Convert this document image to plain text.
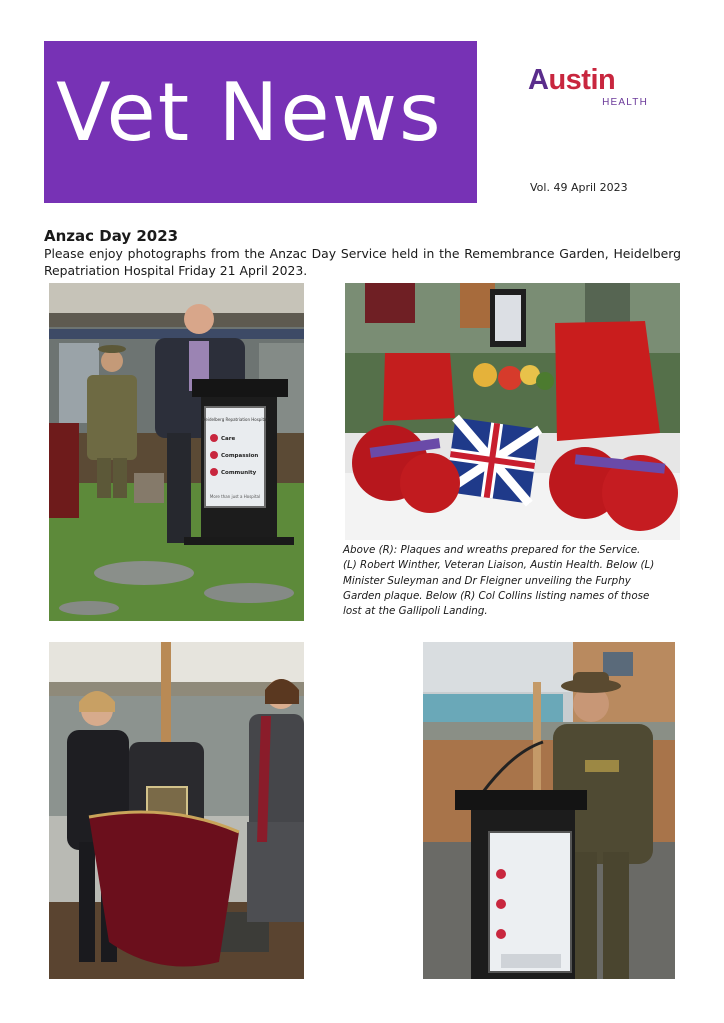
Vet News	Austin
HEALTH
Vol. 49 April 2023
Anzac Day 2023
Please enjoy photographs from the Anzac Day Service held in the Remembrance Garden, Heidelberg Repatriation Hospital Friday 21 April 2023.
Heidelberg Repatriation Hospital
Care
Compassion
Community
More than just a Hospital
Above (R): Plaques and wreaths prepared for the Service.
(L) Robert Winther, Veteran Liaison, Austin Health. Below (L)
Minister Suleyman and Dr Fleigner unveiling the Furphy
Garden plaque. Below (R) Col Collins listing names of those
lost at the Gallipoli Landing.
